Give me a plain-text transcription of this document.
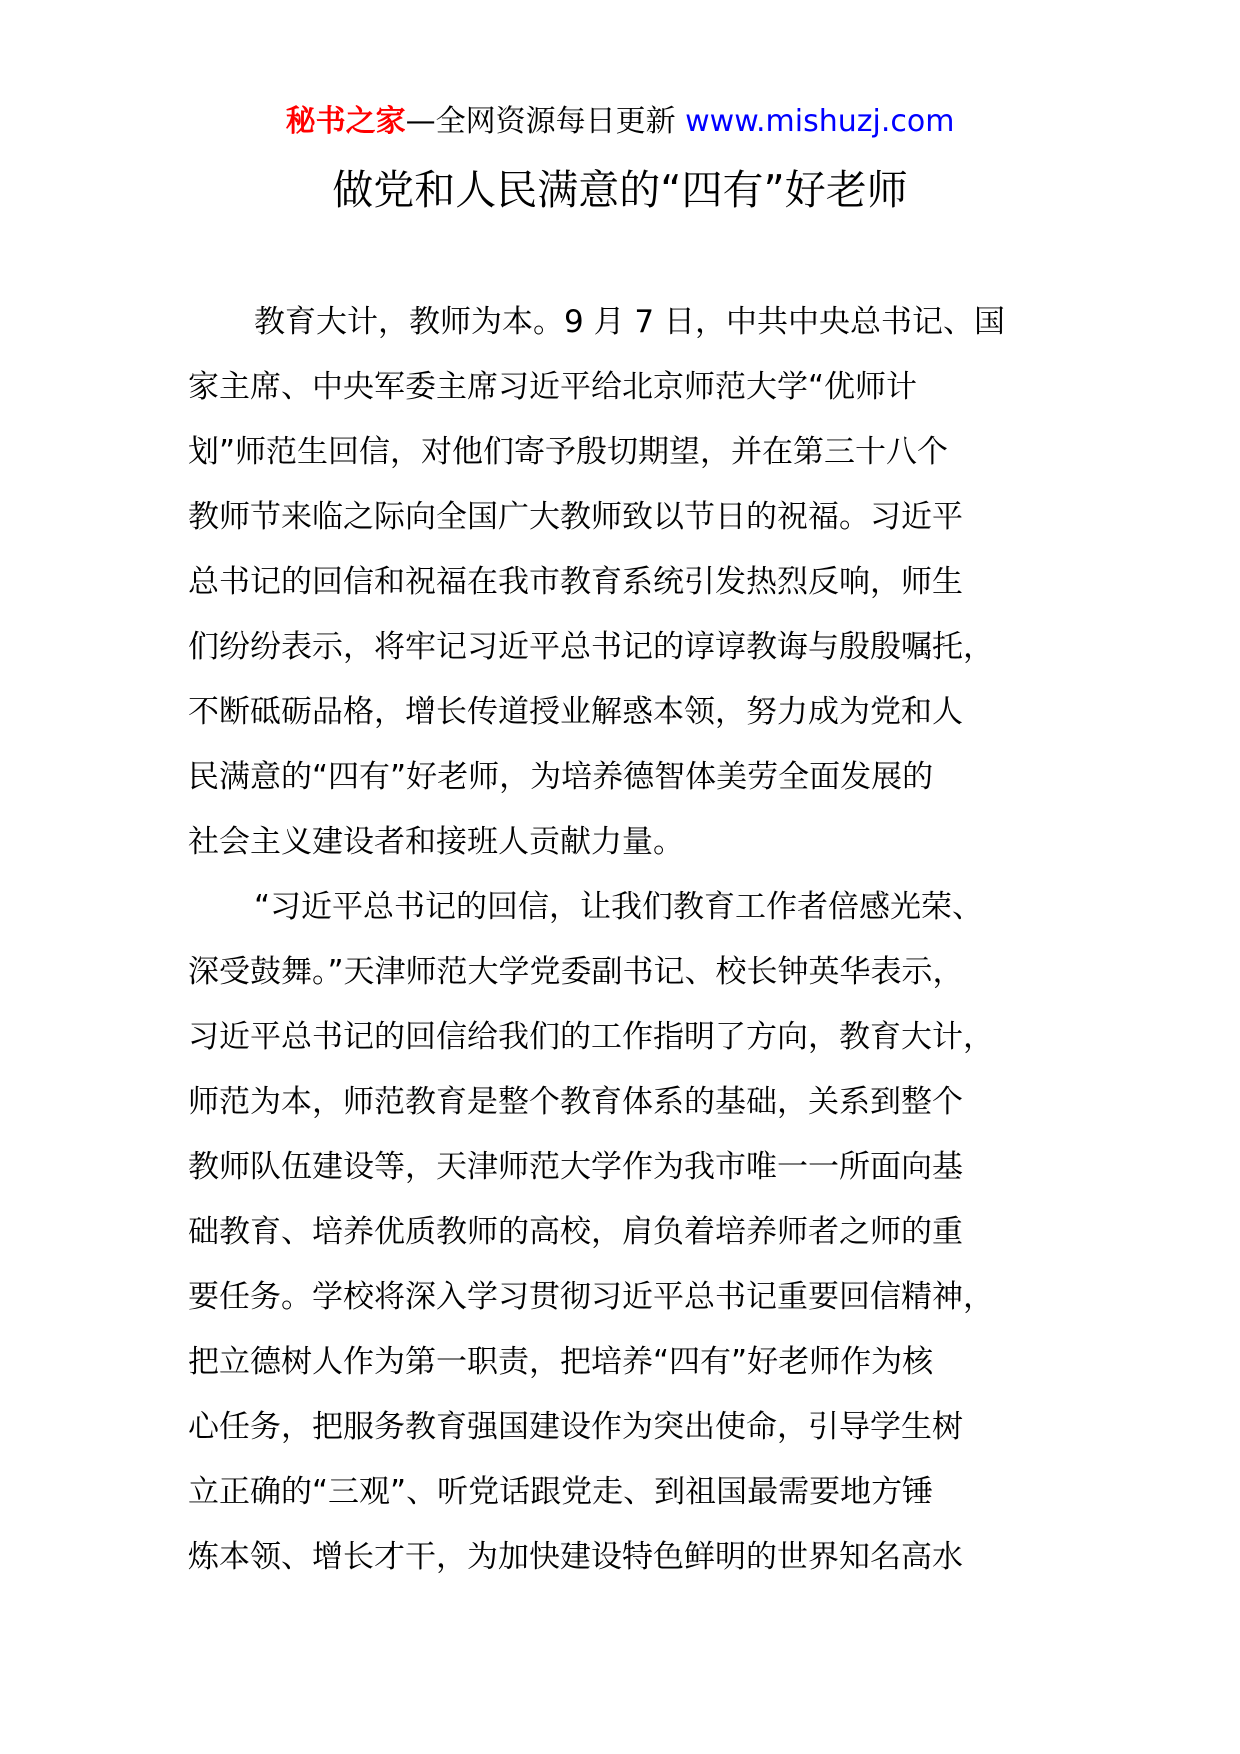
秘书之家—全网资源每日更新 www.mishuzj.com
做党和人民满意的“四有”好老师
教育大计，教师为本。9 月 7 日，中共中央总书记、国
家主席、中央军委主席习近平给北京师范大学“优师计
划”师范生回信，对他们寄予殷切期望，并在第三十八个
教师节来临之际向全国广大教师致以节日的祝福。习近平
总书记的回信和祝福在我市教育系统引发热烈反响，师生
们纷纷表示，将牢记习近平总书记的谆谆教诲与殷殷嘱托，
不断砥砺品格，增长传道授业解惑本领，努力成为党和人
民满意的“四有”好老师，为培养德智体美劳全面发展的
社会主义建设者和接班人贡献力量。
“习近平总书记的回信，让我们教育工作者倍感光荣、
深受鼓舞。”天津师范大学党委副书记、校长钟英华表示，
习近平总书记的回信给我们的工作指明了方向，教育大计，
师范为本，师范教育是整个教育体系的基础，关系到整个
教师队伍建设等，天津师范大学作为我市唯一一所面向基
础教育、培养优质教师的高校，肩负着培养师者之师的重
要任务。学校将深入学习贯彻习近平总书记重要回信精神，
把立德树人作为第一职责，把培养“四有”好老师作为核
心任务，把服务教育强国建设作为突出使命，引导学生树
立正确的“三观”、听党话跟党走、到祖国最需要地方锤
炼本领、增长才干，为加快建设特色鲜明的世界知名高水
